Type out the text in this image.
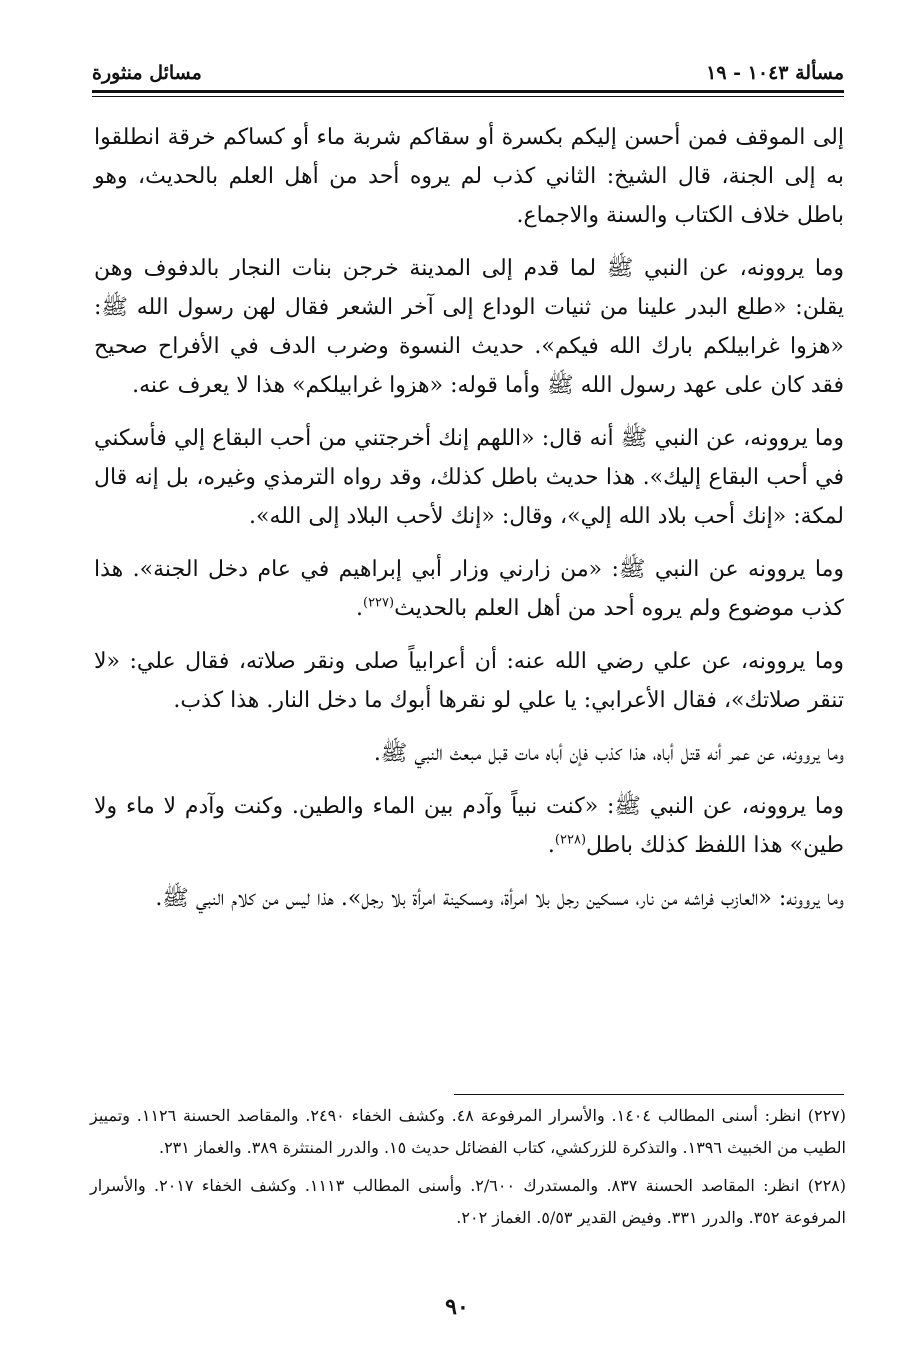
مسألة ١٠٤٣ - ١٩
مسائل منثورة

إلى الموقف فمن أحسن إليكم بكسرة أو سقاكم شربة ماء أو كساكم خرقة انطلقوا به إلى الجنة، قال الشيخ: الثاني كذب لم يروه أحد من أهل العلم بالحديث، وهو باطل خلاف الكتاب والسنة والاجماع.

وما يروونه، عن النبي ﷺ لما قدم إلى المدينة خرجن بنات النجار بالدفوف وهن يقلن: «طلع البدر علينا من ثنيات الوداع إلى آخر الشعر فقال لهن رسول الله ﷺ: «هزوا غرابيلكم بارك الله فيكم». حديث النسوة وضرب الدف في الأفراح صحيح فقد كان على عهد رسول الله ﷺ وأما قوله: «هزوا غرابيلكم» هذا لا يعرف عنه.

وما يروونه، عن النبي ﷺ أنه قال: «اللهم إنك أخرجتني من أحب البقاع إلي فأسكني في أحب البقاع إليك». هذا حديث باطل كذلك، وقد رواه الترمذي وغيره، بل إنه قال لمكة: «إنك أحب بلاد الله إلي»، وقال: «إنك لأحب البلاد إلى الله».

وما يروونه عن النبي ﷺ: «من زارني وزار أبي إبراهيم في عام دخل الجنة». هذا كذب موضوع ولم يروه أحد من أهل العلم بالحديث$^{(٢٢٧)}$.

وما يروونه، عن علي رضي الله عنه: أن أعرابياً صلى ونقر صلاته، فقال علي: «لا تنقر صلاتك»، فقال الأعرابي: يا علي لو نقرها أبوك ما دخل النار. هذا كذب.

وما يروونه، عن عمر أنه قتل أباه، هذا كذب فإن أباه مات قبل مبعث النبي ﷺ.

وما يروونه، عن النبي ﷺ: «كنت نبياً وآدم بين الماء والطين. وكنت وآدم لا ماء ولا طين» هذا اللفظ كذلك باطل$^{(٢٢٨)}$.

وما يروونه: «العازب فراشه من نار، مسكين رجل بلا امرأة، ومسكينة امرأة بلا رجل». هذا ليس من كلام النبي ﷺ.

(٢٢٧) انظر: أسنى المطالب ١٤٠٤. والأسرار المرفوعة ٤٨. وكشف الخفاء ٢٤٩٠. والمقاصد الحسنة ١١٢٦. وتمييز الطيب من الخبيث ١٣٩٦. والتذكرة للزركشي، كتاب الفضائل حديث ١٥. والدرر المنتثرة ٣٨٩. والغماز ٢٣١.

(٢٢٨) انظر: المقاصد الحسنة ٨٣٧. والمستدرك ٢/٦٠٠. وأسنى المطالب ١١١٣. وكشف الخفاء ٢٠١٧. والأسرار المرفوعة ٣٥٢. والدرر ٣٣١. وفيض القدير ٥/٥٣. الغماز ٢٠٢.

٩٠
